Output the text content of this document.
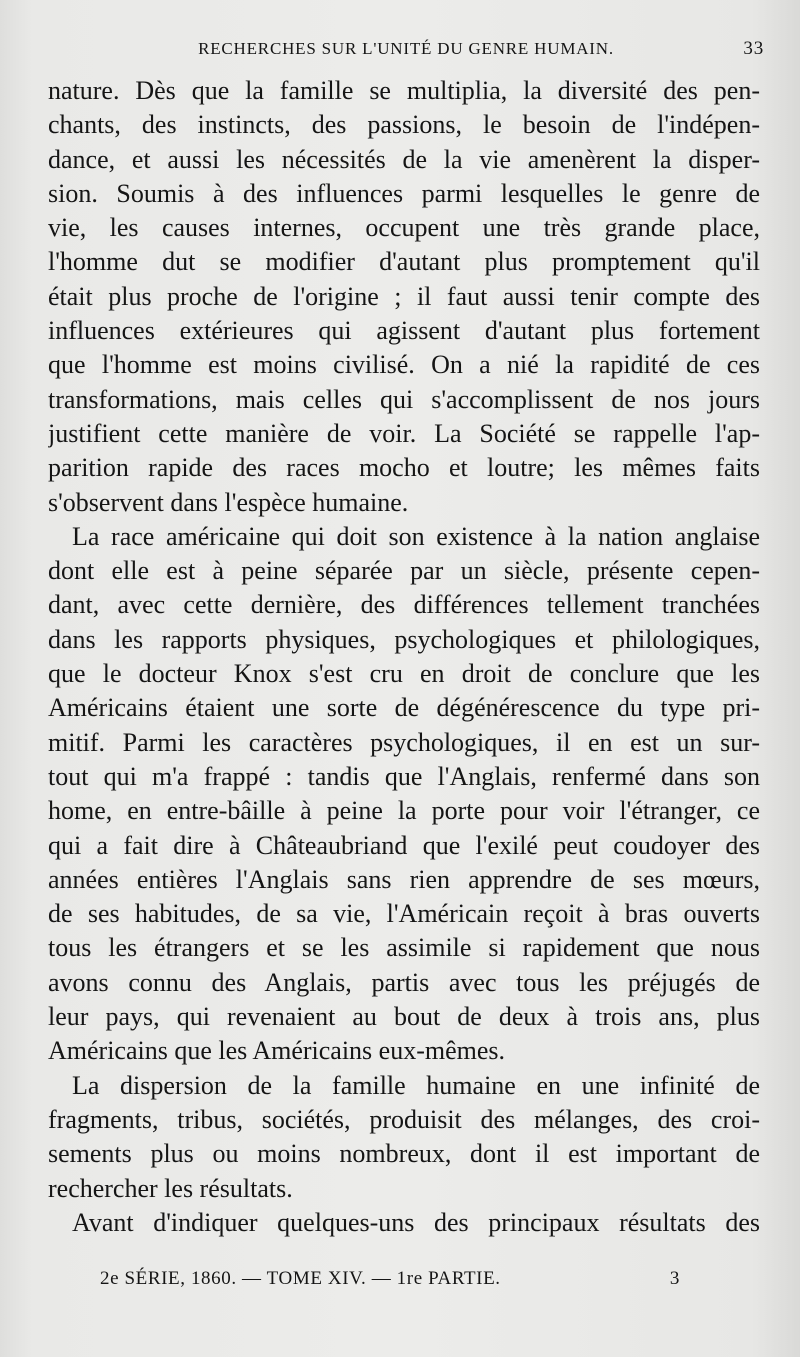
RECHERCHES SUR L'UNITÉ DU GENRE HUMAIN.	33
nature. Dès que la famille se multiplia, la diversité des pen-
chants, des instincts, des passions, le besoin de l'indépen-
dance, et aussi les nécessités de la vie amenèrent la disper-
sion. Soumis à des influences parmi lesquelles le genre de
vie, les causes internes, occupent une très grande place,
l'homme dut se modifier d'autant plus promptement qu'il
était plus proche de l'origine ; il faut aussi tenir compte des
influences extérieures qui agissent d'autant plus fortement
que l'homme est moins civilisé. On a nié la rapidité de ces
transformations, mais celles qui s'accomplissent de nos jours
justifient cette manière de voir. La Société se rappelle l'ap-
parition rapide des races mocho et loutre; les mêmes faits
s'observent dans l'espèce humaine.
La race américaine qui doit son existence à la nation anglaise
dont elle est à peine séparée par un siècle, présente cepen-
dant, avec cette dernière, des différences tellement tranchées
dans les rapports physiques, psychologiques et philologiques,
que le docteur Knox s'est cru en droit de conclure que les
Américains étaient une sorte de dégénérescence du type pri-
mitif. Parmi les caractères psychologiques, il en est un sur-
tout qui m'a frappé : tandis que l'Anglais, renfermé dans son
home, en entre-bâille à peine la porte pour voir l'étranger, ce
qui a fait dire à Châteaubriand que l'exilé peut coudoyer des
années entières l'Anglais sans rien apprendre de ses mœurs,
de ses habitudes, de sa vie, l'Américain reçoit à bras ouverts
tous les étrangers et se les assimile si rapidement que nous
avons connu des Anglais, partis avec tous les préjugés de
leur pays, qui revenaient au bout de deux à trois ans, plus
Américains que les Américains eux-mêmes.
La dispersion de la famille humaine en une infinité de
fragments, tribus, sociétés, produisit des mélanges, des croi-
sements plus ou moins nombreux, dont il est important de
rechercher les résultats.
Avant d'indiquer quelques-uns des principaux résultats des
2e SÉRIE, 1860. — TOME XIV. — 1re PARTIE.	3
